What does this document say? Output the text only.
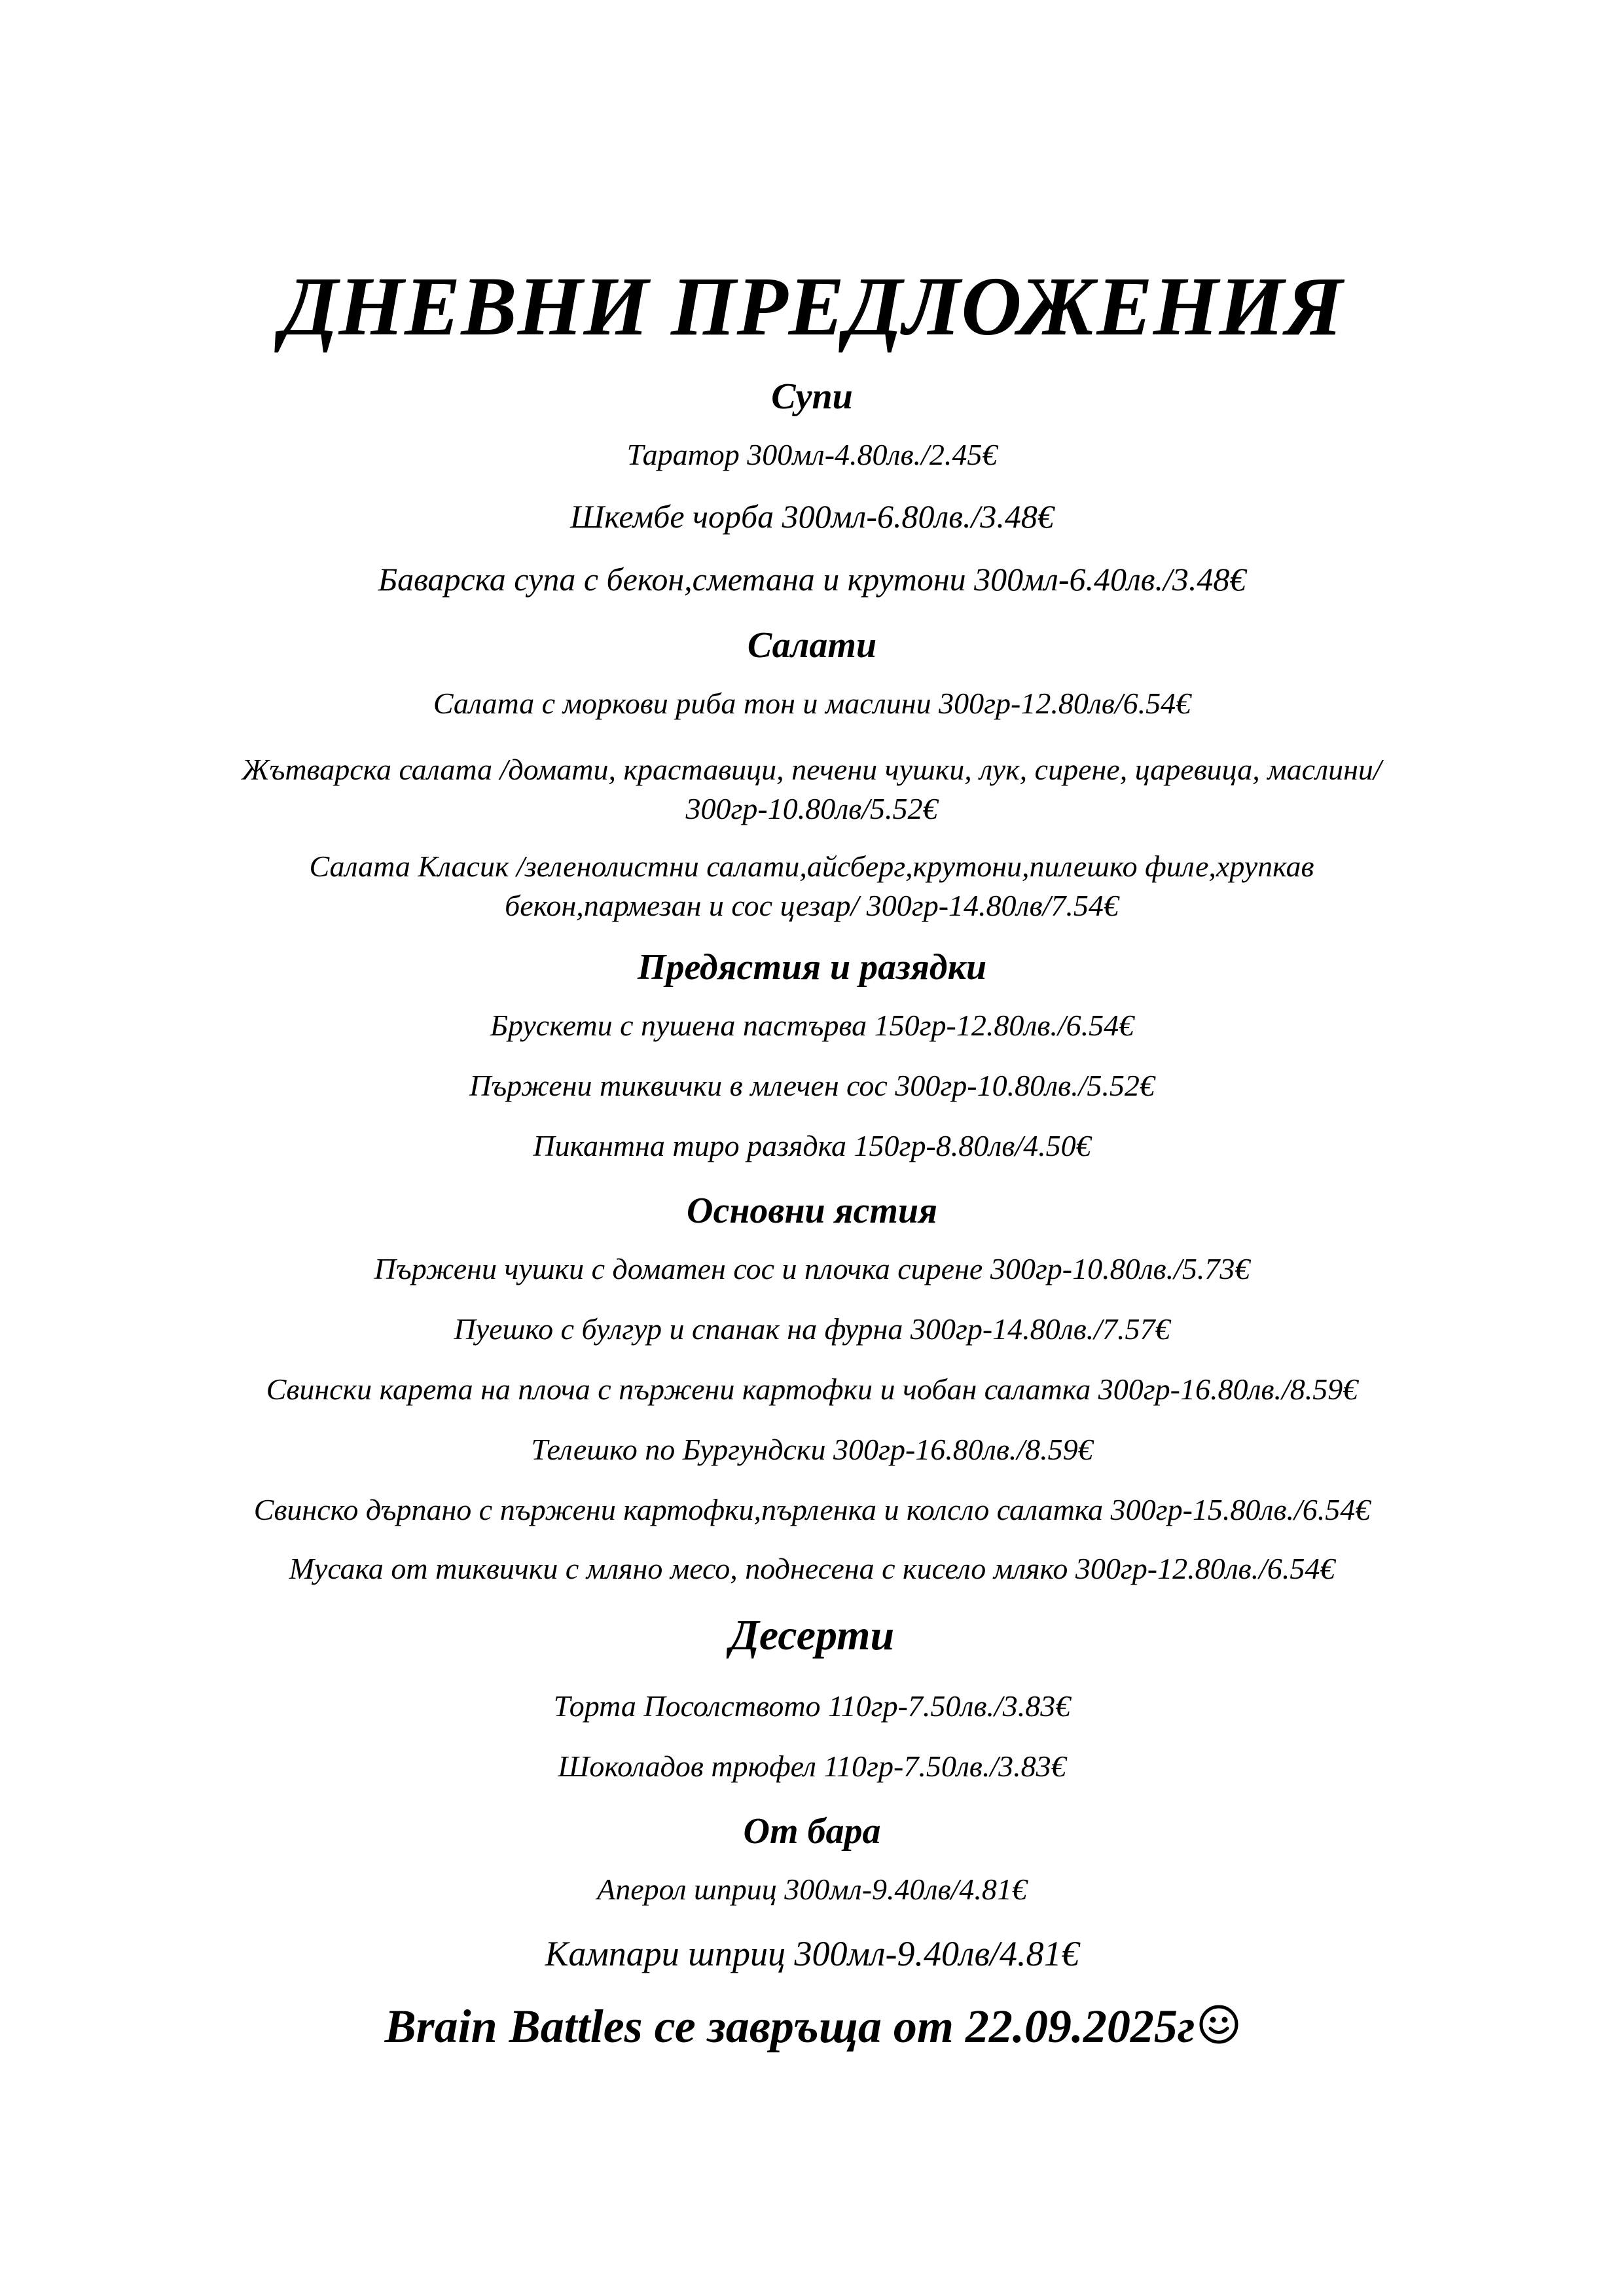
ДНЕВНИ ПРЕДЛОЖЕНИЯ
Супи
Таратор 300мл-4.80лв./2.45€
Шкембе чорба 300мл-6.80лв./3.48€
Баварска супа с бекон,сметана и крутони 300мл-6.40лв./3.48€
Салати
Салата с моркови риба тон и маслини 300гр-12.80лв/6.54€
Жътварска салата /домати, краставици, печени чушки, лук, сирене, царевица, маслини/ 300гр-10.80лв/5.52€
Салата Класик /зеленолистни салати,айсберг,крутони,пилешко филе,хрупкав бекон,пармезан и сос цезар/ 300гр-14.80лв/7.54€
Предястия и разядки
Брускети с пушена пастърва 150гр-12.80лв./6.54€
Пържени тиквички в млечен сос 300гр-10.80лв./5.52€
Пикантна тиро разядка 150гр-8.80лв/4.50€
Основни ястия
Пържени чушки с доматен сос и плочка сирене 300гр-10.80лв./5.73€
Пуешко с булгур и спанак на фурна 300гр-14.80лв./7.57€
Свински карета на плоча с пържени картофки и чобан салатка 300гр-16.80лв./8.59€
Телешко по Бургундски 300гр-16.80лв./8.59€
Свинско дърпано с пържени картофки,пърленка и колсло салатка 300гр-15.80лв./6.54€
Мусака от тиквички с мляно месо, поднесена с кисело мляко 300гр-12.80лв./6.54€
Десерти
Торта Посолството 110гр-7.50лв./3.83€
Шоколадов трюфел 110гр-7.50лв./3.83€
От бара
Аперол шприц 300мл-9.40лв/4.81€
Кампари шприц 300мл-9.40лв/4.81€
Brain Battles се завръща от 22.09.2025г
